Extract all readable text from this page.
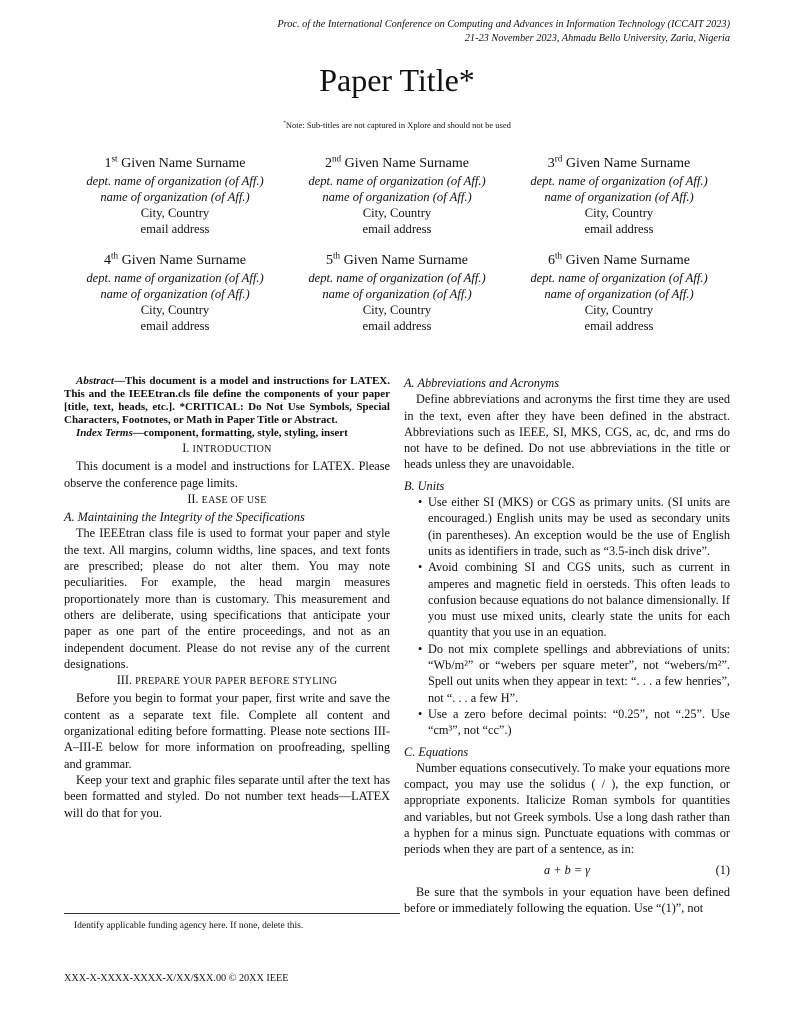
Proc. of the International Conference on Computing and Advances in Information Technology (ICCAIT 2023)
21-23 November 2023, Ahmadu Bello University, Zaria, Nigeria
Paper Title*
*Note: Sub-titles are not captured in Xplore and should not be used
1st Given Name Surname
dept. name of organization (of Aff.)
name of organization (of Aff.)
City, Country
email address
2nd Given Name Surname
dept. name of organization (of Aff.)
name of organization (of Aff.)
City, Country
email address
3rd Given Name Surname
dept. name of organization (of Aff.)
name of organization (of Aff.)
City, Country
email address
4th Given Name Surname
dept. name of organization (of Aff.)
name of organization (of Aff.)
City, Country
email address
5th Given Name Surname
dept. name of organization (of Aff.)
name of organization (of Aff.)
City, Country
email address
6th Given Name Surname
dept. name of organization (of Aff.)
name of organization (of Aff.)
City, Country
email address

Abstract—This document is a model and instructions for LATEX. This and the IEEEtran.cls file define the components of your paper [title, text, heads, etc.]. *CRITICAL: Do Not Use Symbols, Special Characters, Footnotes, or Math in Paper Title or Abstract.

Index Terms—component, formatting, style, styling, insert

I. INTRODUCTION

This document is a model and instructions for LATEX. Please observe the conference page limits.

II. EASE OF USE

A. Maintaining the Integrity of the Specifications

The IEEEtran class file is used to format your paper and style the text. All margins, column widths, line spaces, and text fonts are prescribed; please do not alter them. You may note peculiarities. For example, the head margin measures proportionately more than is customary. This measurement and others are deliberate, using specifications that anticipate your paper as one part of the entire proceedings, and not as an independent document. Please do not revise any of the current designations.

III. PREPARE YOUR PAPER BEFORE STYLING

Before you begin to format your paper, first write and save the content as a separate text file. Complete all content and organizational editing before formatting. Please note sections III-A–III-E below for more information on proofreading, spelling and grammar.

Keep your text and graphic files separate until after the text has been formatted and styled. Do not number text heads—LATEX will do that for you.

A. Abbreviations and Acronyms

Define abbreviations and acronyms the first time they are used in the text, even after they have been defined in the abstract. Abbreviations such as IEEE, SI, MKS, CGS, ac, dc, and rms do not have to be defined. Do not use abbreviations in the title or heads unless they are unavoidable.

B. Units

• Use either SI (MKS) or CGS as primary units. (SI units are encouraged.) English units may be used as secondary units (in parentheses). An exception would be the use of English units as identifiers in trade, such as “3.5-inch disk drive”.
• Avoid combining SI and CGS units, such as current in amperes and magnetic field in oersteds. This often leads to confusion because equations do not balance dimensionally. If you must use mixed units, clearly state the units for each quantity that you use in an equation.
• Do not mix complete spellings and abbreviations of units: “Wb/m²” or “webers per square meter”, not “webers/m²”. Spell out units when they appear in text: “. . . a few henries”, not “. . . a few H”.
• Use a zero before decimal points: “0.25”, not “.25”. Use “cm³”, not “cc”.)

C. Equations

Number equations consecutively. To make your equations more compact, you may use the solidus ( / ), the exp function, or appropriate exponents. Italicize Roman symbols for quantities and variables, but not Greek symbols. Use a long dash rather than a hyphen for a minus sign. Punctuate equations with commas or periods when they are part of a sentence, as in:

a + b = γ	(1)

Be sure that the symbols in your equation have been defined before or immediately following the equation. Use “(1)”, not

Identify applicable funding agency here. If none, delete this.
XXX-X-XXXX-XXXX-X/XX/$XX.00 © 20XX IEEE
